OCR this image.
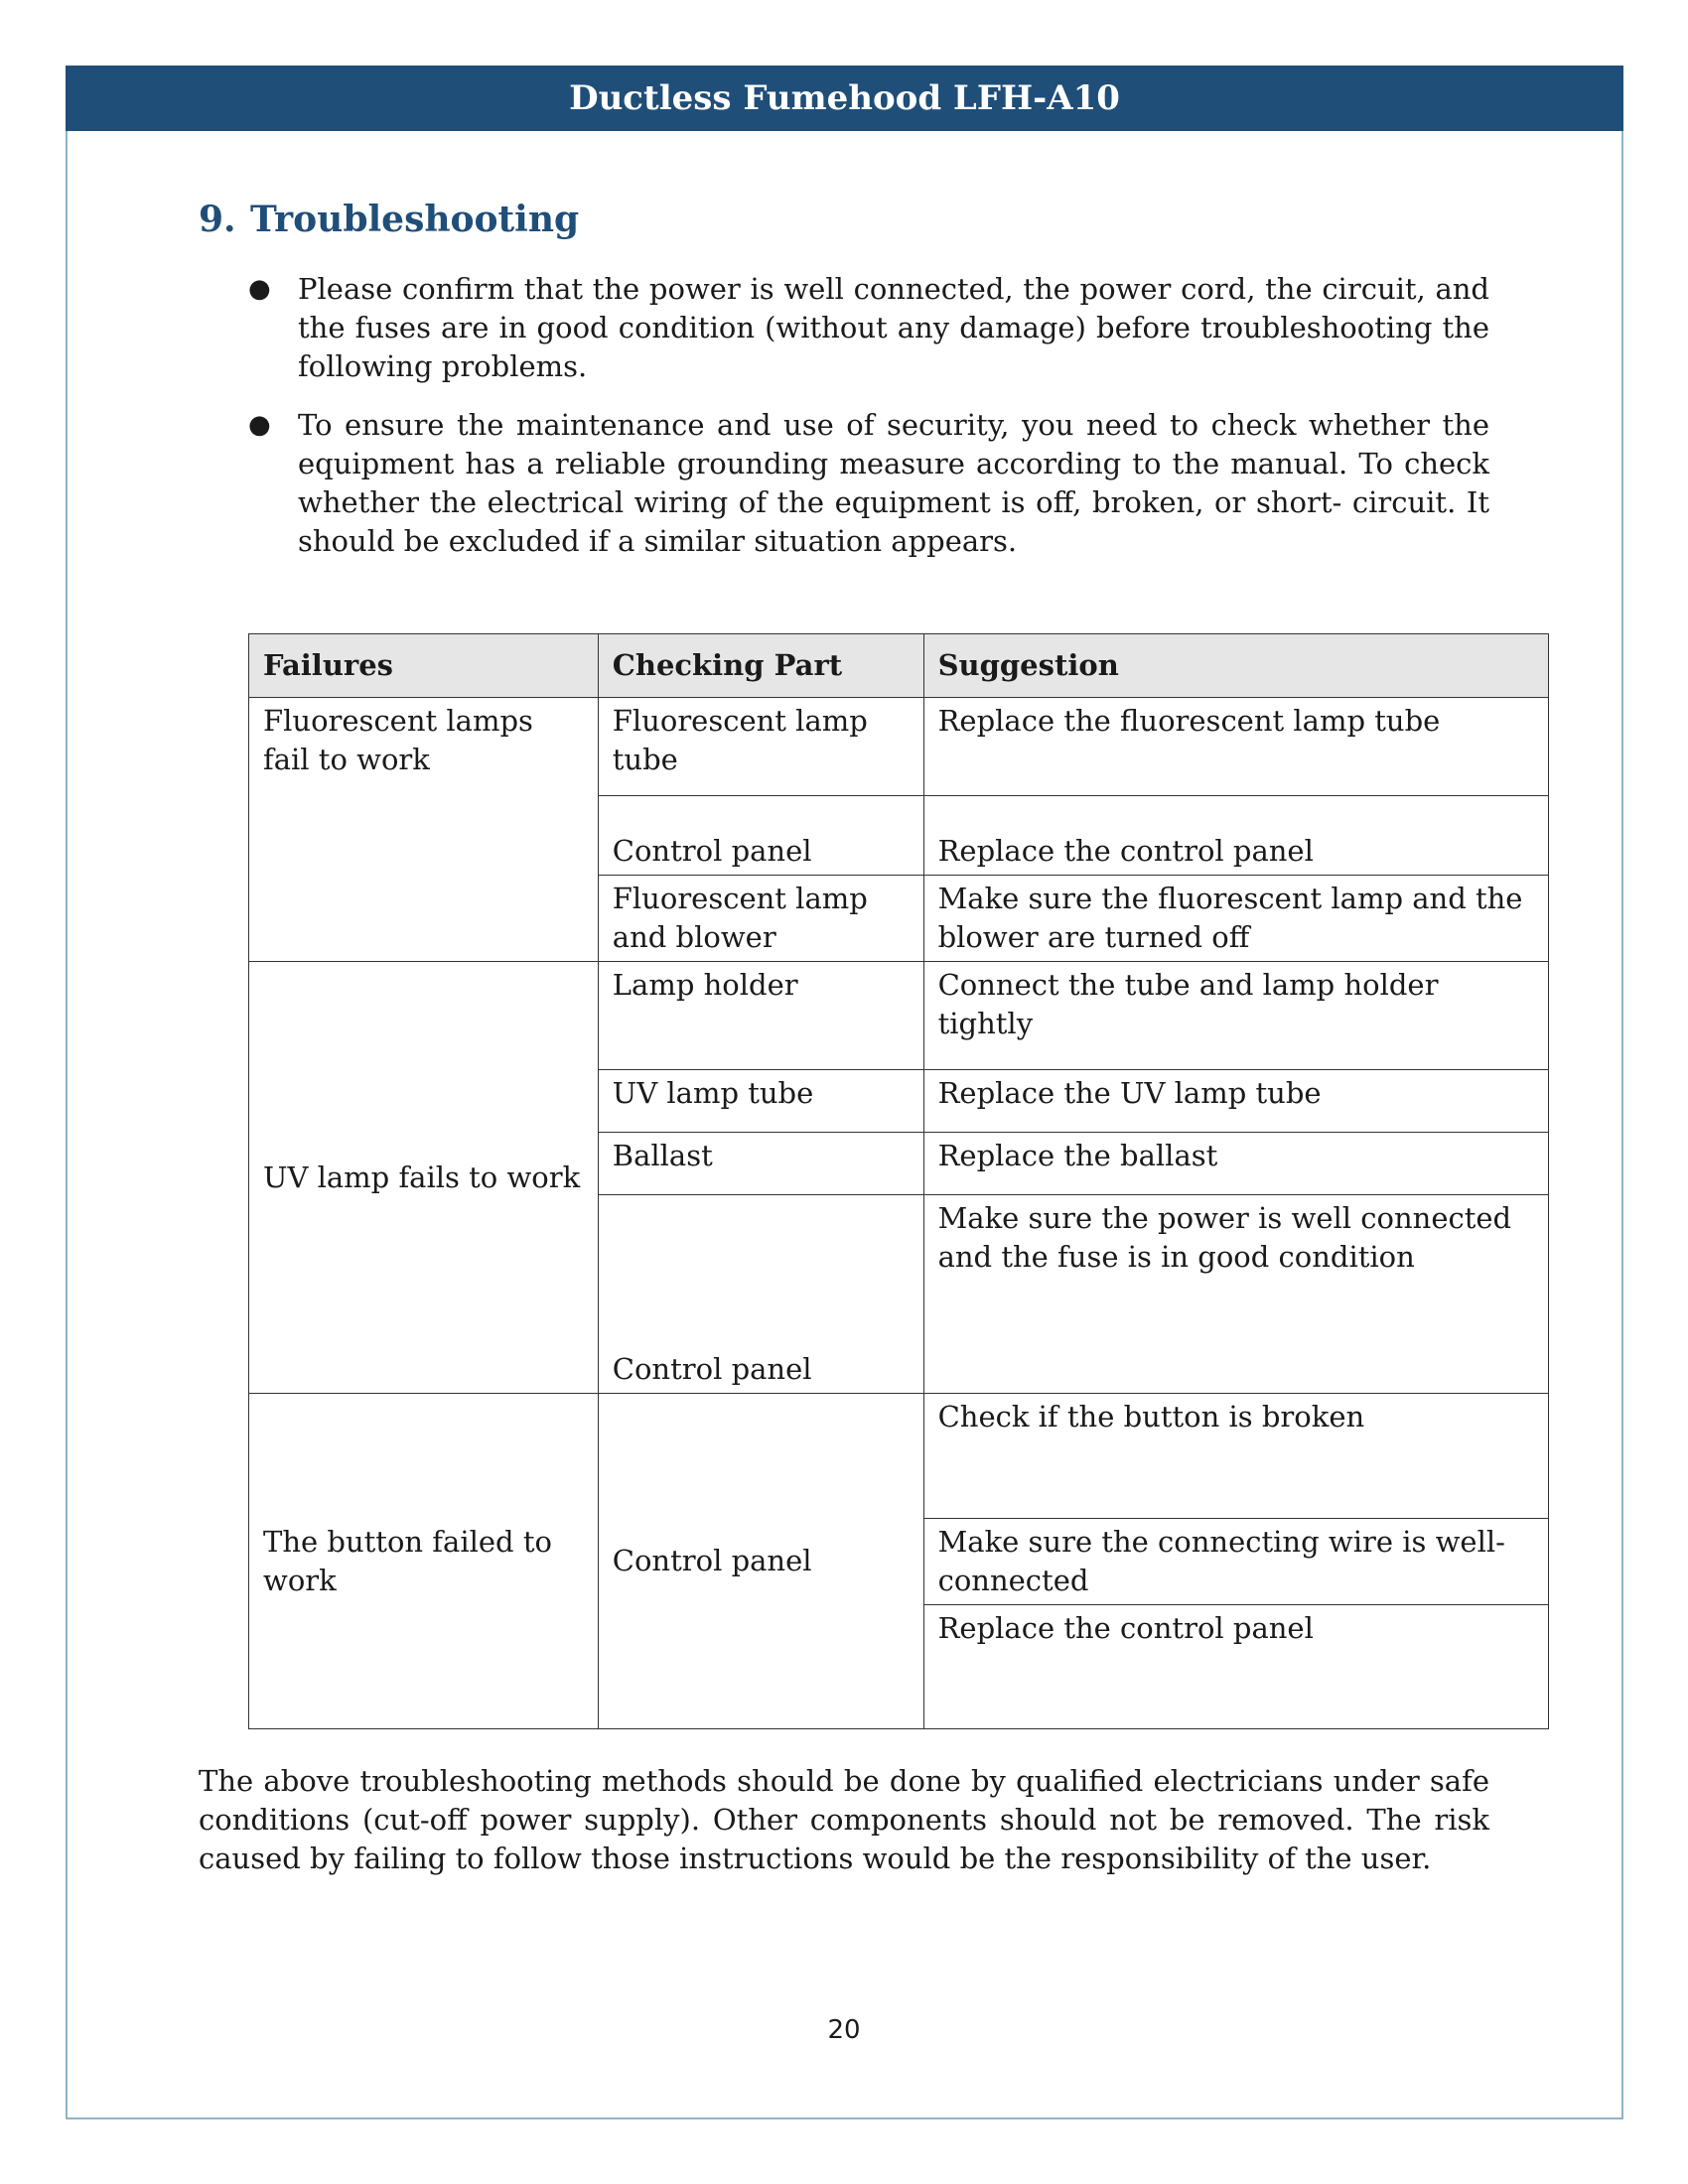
Ductless Fumehood LFH-A10
9. Troubleshooting
● Please confirm that the power is well connected, the power cord, the circuit, and the fuses are in good condition (without any damage) before troubleshooting the following problems.
● To ensure the maintenance and use of security, you need to check whether the equipment has a reliable grounding measure according to the manual. To check whether the electrical wiring of the equipment is off, broken, or short- circuit. It should be excluded if a similar situation appears.
Failures	Checking Part	Suggestion
Fluorescent lamps fail to work	Fluorescent lamp tube	Replace the fluorescent lamp tube
	Control panel	Replace the control panel
	Fluorescent lamp and blower	Make sure the fluorescent lamp and the blower are turned off
UV lamp fails to work	Lamp holder	Connect the tube and lamp holder tightly
	UV lamp tube	Replace the UV lamp tube
	Ballast	Replace the ballast
	Control panel	Make sure the power is well connected and the fuse is in good condition
The button failed to work	Control panel	Check if the button is broken
		Make sure the connecting wire is well-connected
		Replace the control panel
The above troubleshooting methods should be done by qualified electricians under safe conditions (cut-off power supply). Other components should not be removed. The risk caused by failing to follow those instructions would be the responsibility of the user.
20
